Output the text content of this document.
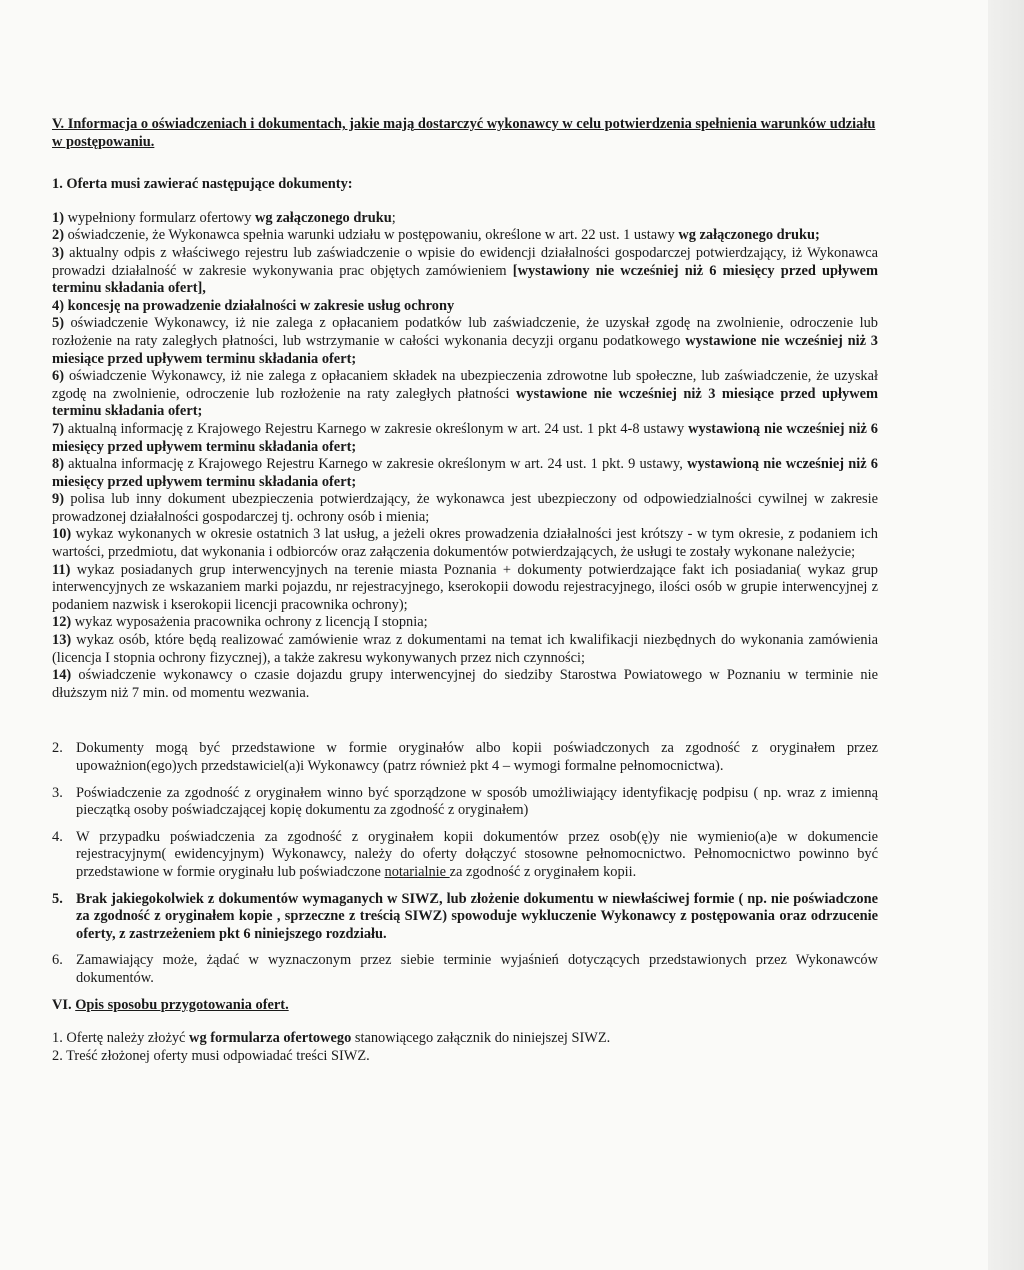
V. Informacja o oświadczeniach i dokumentach, jakie mają dostarczyć wykonawcy w celu potwierdzenia spełnienia warunków udziału w postępowaniu.
1. Oferta musi zawierać następujące dokumenty:
1) wypełniony formularz ofertowy wg załączonego druku;
2) oświadczenie, że Wykonawca spełnia warunki udziału w postępowaniu, określone w art. 22 ust. 1 ustawy wg załączonego druku;
3) aktualny odpis z właściwego rejestru lub zaświadczenie o wpisie do ewidencji działalności gospodarczej potwierdzający, iż Wykonawca prowadzi działalność w zakresie wykonywania prac objętych zamówieniem [wystawiony nie wcześniej niż 6 miesięcy przed upływem terminu składania ofert],
4) koncesję na prowadzenie działalności w zakresie usług ochrony
5) oświadczenie Wykonawcy, iż nie zalega z opłacaniem podatków lub zaświadczenie, że uzyskał zgodę na zwolnienie, odroczenie lub rozłożenie na raty zaległych płatności, lub wstrzymanie w całości wykonania decyzji organu podatkowego wystawione nie wcześniej niż 3 miesiące przed upływem terminu składania ofert;
6) oświadczenie Wykonawcy, iż nie zalega z opłacaniem składek na ubezpieczenia zdrowotne lub społeczne, lub zaświadczenie, że uzyskał zgodę na zwolnienie, odroczenie lub rozłożenie na raty zaległych płatności wystawione nie wcześniej niż 3 miesiące przed upływem terminu składania ofert;
7) aktualną informację z Krajowego Rejestru Karnego w zakresie określonym w art. 24 ust. 1 pkt 4-8 ustawy wystawioną nie wcześniej niż 6 miesięcy przed upływem terminu składania ofert;
8) aktualna informację z Krajowego Rejestru Karnego w zakresie określonym w art. 24 ust. 1 pkt. 9 ustawy, wystawioną nie wcześniej niż 6 miesięcy przed upływem terminu składania ofert;
9) polisa lub inny dokument ubezpieczenia potwierdzający, że wykonawca jest ubezpieczony od odpowiedzialności cywilnej w zakresie prowadzonej działalności gospodarczej tj. ochrony osób i mienia;
10) wykaz wykonanych w okresie ostatnich 3 lat usług, a jeżeli okres prowadzenia działalności jest krótszy - w tym okresie, z podaniem ich wartości, przedmiotu, dat wykonania i odbiorców oraz załączenia dokumentów potwierdzających, że usługi te zostały wykonane należycie;
11) wykaz posiadanych grup interwencyjnych na terenie miasta Poznania + dokumenty potwierdzające fakt ich posiadania( wykaz grup interwencyjnych ze wskazaniem marki pojazdu, nr rejestracyjnego, kserokopii dowodu rejestracyjnego, ilości osób w grupie interwencyjnej z podaniem nazwisk i kserokopii licencji pracownika ochrony);
12) wykaz wyposażenia pracownika ochrony z licencją I stopnia;
13) wykaz osób, które będą realizować zamówienie wraz z dokumentami na temat ich kwalifikacji niezbędnych do wykonania zamówienia (licencja I stopnia ochrony fizycznej), a także zakresu wykonywanych przez nich czynności;
14) oświadczenie wykonawcy o czasie dojazdu grupy interwencyjnej do siedziby Starostwa Powiatowego w Poznaniu w terminie nie dłuższym niż 7 min. od momentu wezwania.
2. Dokumenty mogą być przedstawione w formie oryginałów albo kopii poświadczonych za zgodność z oryginałem przez upoważnion(ego)ych przedstawiciel(a)i Wykonawcy (patrz również pkt 4 – wymogi formalne pełnomocnictwa).
3. Poświadczenie za zgodność z oryginałem winno być sporządzone w sposób umożliwiający identyfikację podpisu ( np. wraz z imienną pieczątką osoby poświadczającej kopię dokumentu za zgodność z oryginałem)
4. W przypadku poświadczenia za zgodność z oryginałem kopii dokumentów przez osob(ę)y nie wymienio(a)e w dokumencie rejestracyjnym( ewidencyjnym) Wykonawcy, należy do oferty dołączyć stosowne pełnomocnictwo. Pełnomocnictwo powinno być przedstawione w formie oryginału lub poświadczone notarialnie za zgodność z oryginałem kopii.
5. Brak jakiegokolwiek z dokumentów wymaganych w SIWZ, lub złożenie dokumentu w niewłaściwej formie ( np. nie poświadczone za zgodność z oryginałem kopie , sprzeczne z treścią SIWZ) spowoduje wykluczenie Wykonawcy z postępowania oraz odrzucenie oferty, z zastrzeżeniem pkt 6 niniejszego rozdziału.
6. Zamawiający może, żądać w wyznaczonym przez siebie terminie wyjaśnień dotyczących przedstawionych przez Wykonawców dokumentów.
VI. Opis sposobu przygotowania ofert.
1. Ofertę należy złożyć wg formularza ofertowego stanowiącego załącznik do niniejszej SIWZ.
2. Treść złożonej oferty musi odpowiadać treści SIWZ.
